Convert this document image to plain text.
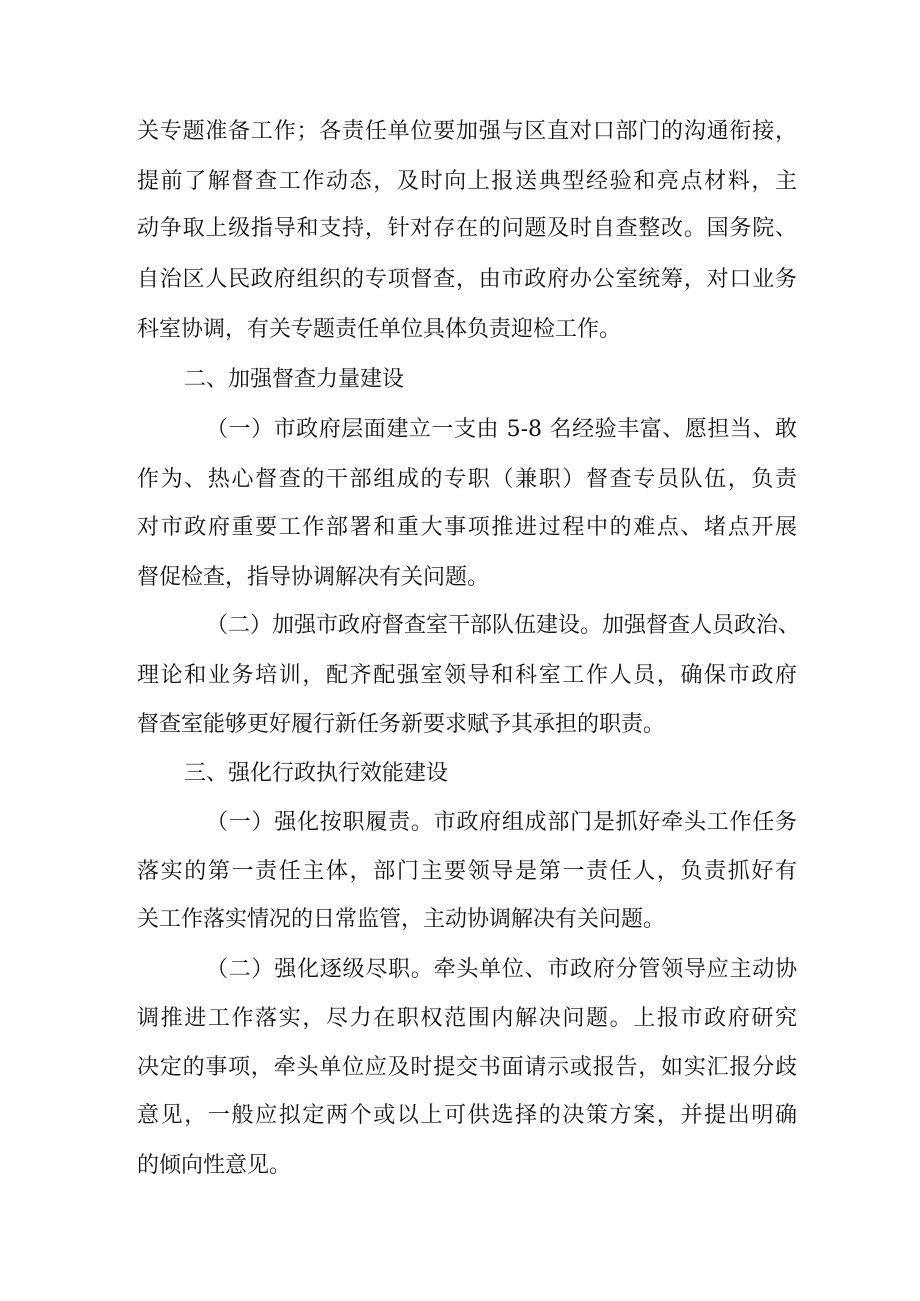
关专题准备工作；各责任单位要加强与区直对口部门的沟通衔接，
提前了解督查工作动态，及时向上报送典型经验和亮点材料，主
动争取上级指导和支持，针对存在的问题及时自查整改。国务院、
自治区人民政府组织的专项督查，由市政府办公室统筹，对口业务
科室协调，有关专题责任单位具体负责迎检工作。
二、加强督查力量建设
（一）市政府层面建立一支由 5-8 名经验丰富、愿担当、敢
作为、热心督查的干部组成的专职（兼职）督查专员队伍，负责
对市政府重要工作部署和重大事项推进过程中的难点、堵点开展
督促检查，指导协调解决有关问题。
（二）加强市政府督查室干部队伍建设。加强督查人员政治、
理论和业务培训，配齐配强室领导和科室工作人员，确保市政府
督查室能够更好履行新任务新要求赋予其承担的职责。
三、强化行政执行效能建设
（一）强化按职履责。市政府组成部门是抓好牵头工作任务
落实的第一责任主体，部门主要领导是第一责任人，负责抓好有
关工作落实情况的日常监管，主动协调解决有关问题。
（二）强化逐级尽职。牵头单位、市政府分管领导应主动协
调推进工作落实，尽力在职权范围内解决问题。上报市政府研究
决定的事项，牵头单位应及时提交书面请示或报告，如实汇报分歧
意见，一般应拟定两个或以上可供选择的决策方案，并提出明确
的倾向性意见。
